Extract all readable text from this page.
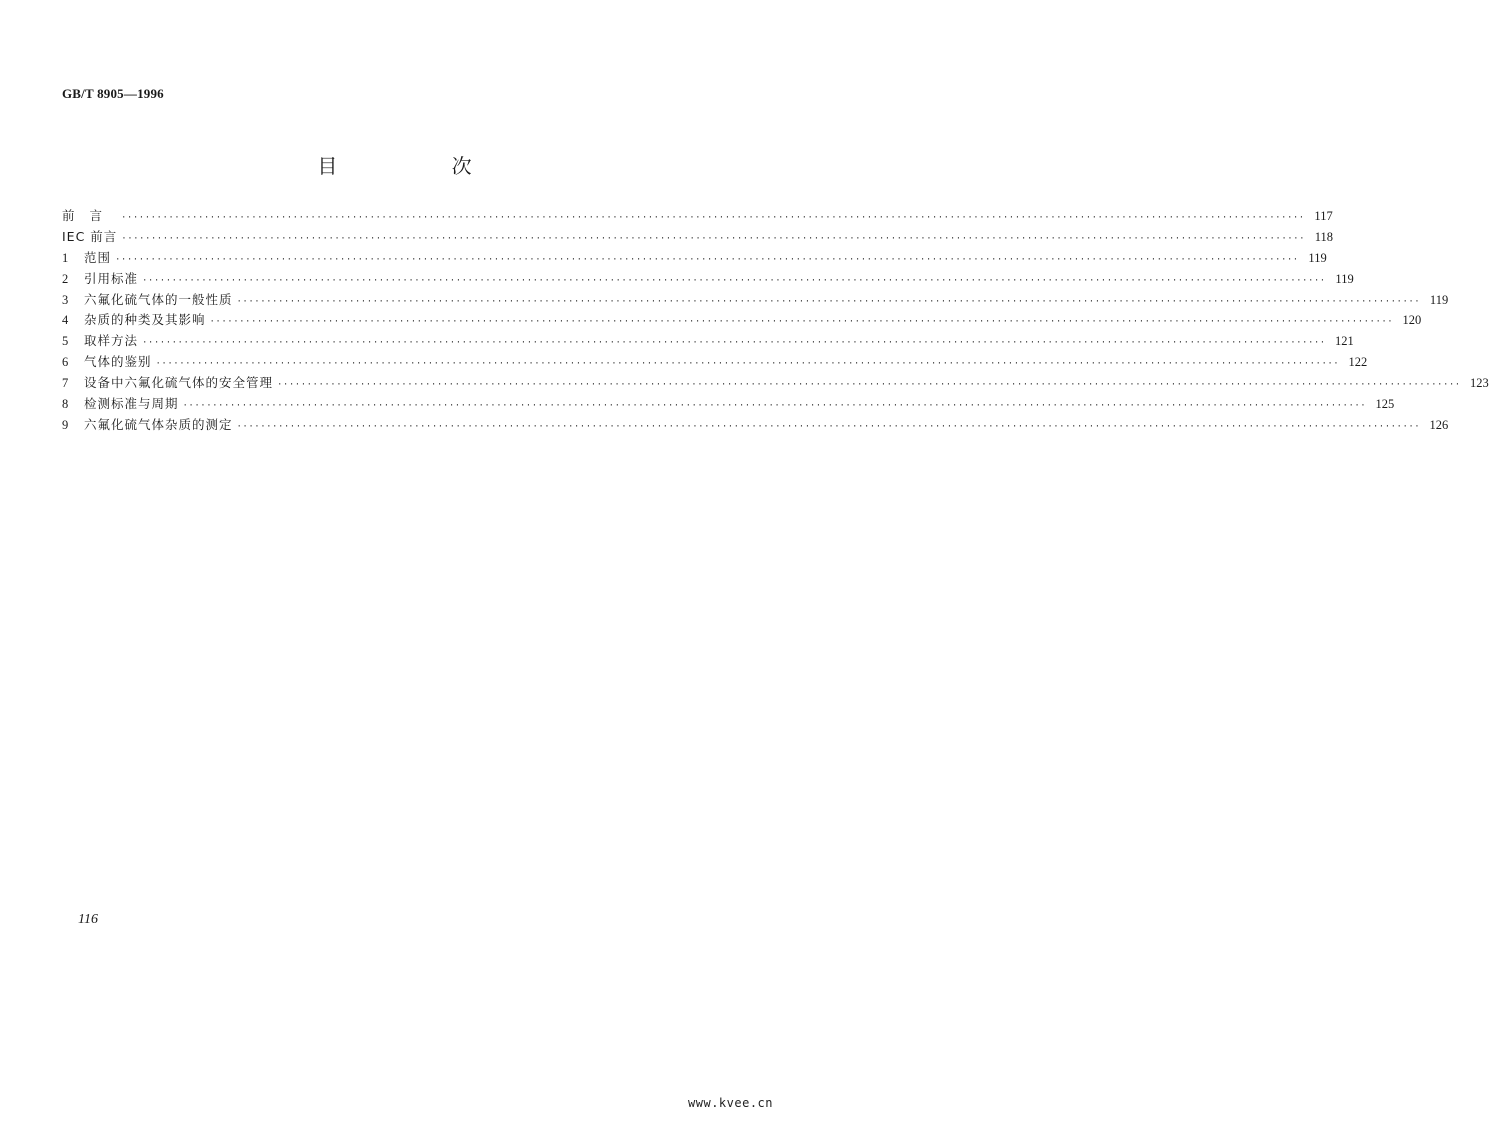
GB/T 8905—1996
目 次
前言 ········································································································································································································ 117
IEC 前言 ········································································································································································································ 118
1	范围 ········································································································································································································ 119
2	引用标准 ········································································································································································································ 119
3	六氟化硫气体的一般性质 ········································································································································································································ 119
4	杂质的种类及其影响 ········································································································································································································ 120
5	取样方法 ········································································································································································································ 121
6	气体的鉴别 ········································································································································································································ 122
7	设备中六氟化硫气体的安全管理 ········································································································································································································ 123
8	检测标准与周期 ········································································································································································································ 125
9	六氟化硫气体杂质的测定 ········································································································································································································ 126
116
www.kvee.cn
